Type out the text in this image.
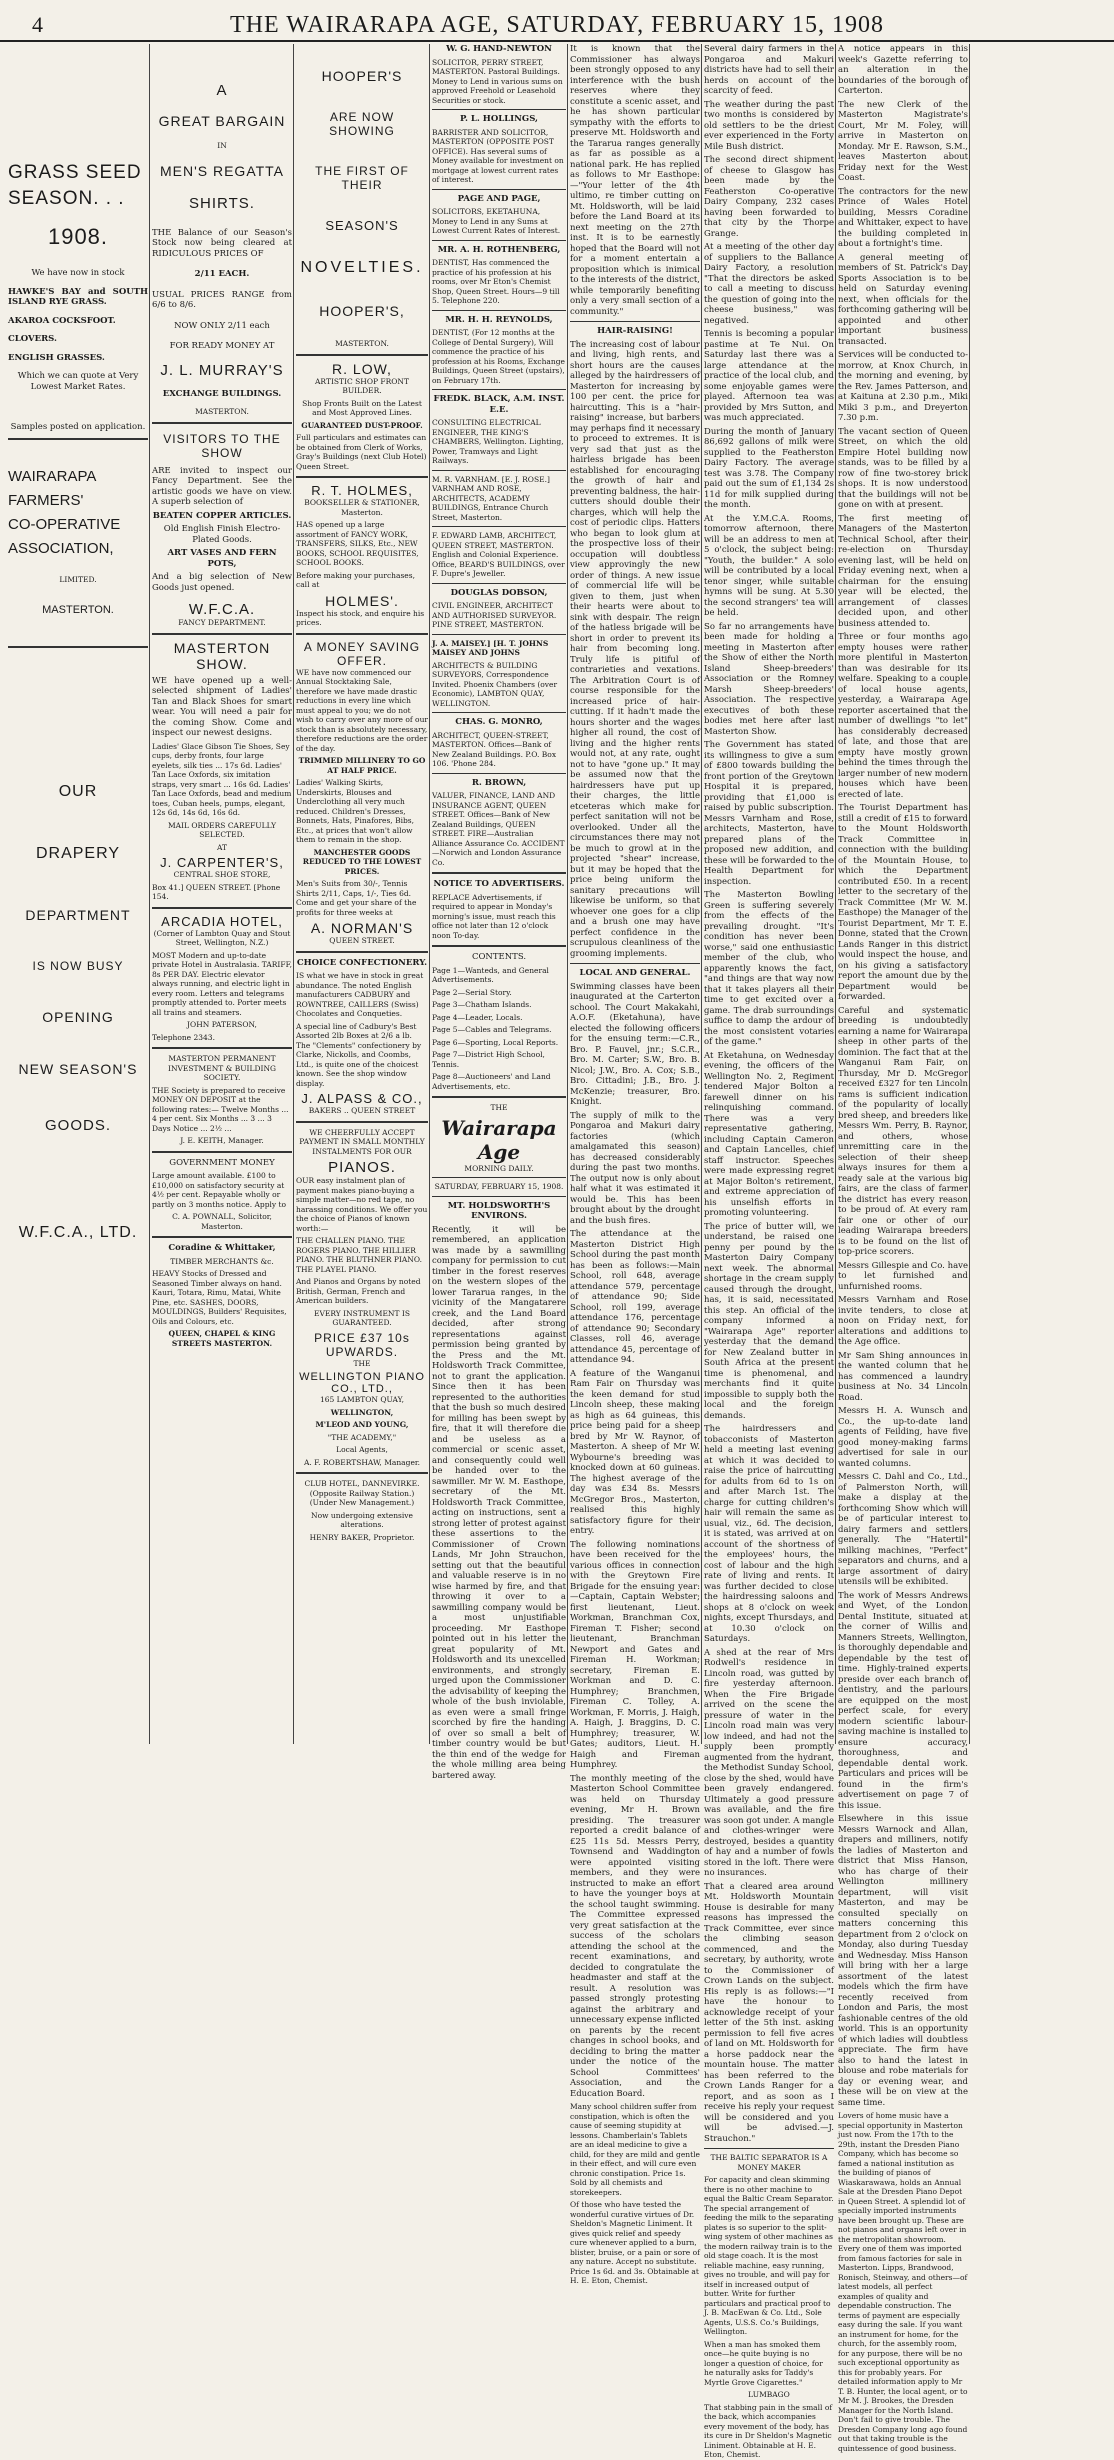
4	THE WAIRARAPA AGE, SATURDAY, FEBRUARY 15, 1908
GRASS SEED
SEASON. . .
1908.

We have now in stock

HAWKE'S BAY and SOUTH ISLAND RYE GRASS.

AKAROA COCKSFOOT.

CLOVERS.

ENGLISH GRASSES.

Which we can quote at Very Lowest Market Rates.

Samples posted on application.

WAIRARAPA
FARMERS'
CO-OPERATIVE
ASSOCIATION,

LIMITED.

MASTERTON.

OUR
DRAPERY
DEPARTMENT
IS NOW BUSY
OPENING
NEW SEASON'S
GOODS.
W.F.C.A., LTD.
A
GREAT BARGAIN
IN
MEN'S REGATTA
SHIRTS.

THE Balance of our Season's Stock now being cleared at RIDICULOUS PRICES OF

2/11 EACH.

USUAL PRICES RANGE from 6/6 to 8/6.

NOW ONLY 2/11 each

FOR READY MONEY AT

J. L. MURRAY'S

EXCHANGE BUILDINGS.

MASTERTON.

VISITORS TO THE SHOW

ARE invited to inspect our Fancy Department. See the artistic goods we have on view. A superb selection of

BEATEN COPPER ARTICLES.

Old English Finish Electro-Plated Goods.

ART VASES AND FERN POTS,

And a big selection of New Goods just opened.

W.F.C.A.

FANCY DEPARTMENT.

MASTERTON SHOW.

WE have opened up a well-selected shipment of Ladies' Tan and Black Shoes for smart wear. You will need a pair for the coming Show. Come and inspect our newest designs.

Ladies' Glace Gibson Tie Shoes, Sey cups, derby fronts, four large eyelets, silk ties ... 17s 6d. Ladies' Tan Lace Oxfords, six imitation straps, very smart ... 16s 6d. Ladies' Tan Lace Oxfords, bead and medium toes, Cuban heels, pumps, elegant, 12s 6d, 14s 6d, 16s 6d.

MAIL ORDERS CAREFULLY SELECTED.

AT

J. CARPENTER'S,

CENTRAL SHOE STORE,

Box 41.] QUEEN STREET. [Phone 154.

ARCADIA HOTEL,

(Corner of Lambton Quay and Stout Street, Wellington, N.Z.)

MOST Modern and up-to-date private Hotel in Australasia. TARIFF, 8s PER DAY. Electric elevator always running, and electric light in every room. Letters and telegrams promptly attended to. Porter meets all trains and steamers.

JOHN PATERSON,

Telephone 2343.

MASTERTON PERMANENT INVESTMENT & BUILDING SOCIETY.

THE Society is prepared to receive MONEY ON DEPOSIT at the following rates:— Twelve Months ... 4 per cent. Six Months ... 3 ... 3 Days Notice ... 2½ ...

J. E. KEITH, Manager.

GOVERNMENT MONEY

Large amount available. £100 to £10,000 on satisfactory security at 4½ per cent. Repayable wholly or partly on 3 months notice. Apply to

C. A. POWNALL, Solicitor, Masterton.

Coradine & Whittaker,

TIMBER MERCHANTS &c.

HEAVY Stocks of Dressed and Seasoned Timber always on hand. Kauri, Totara, Rimu, Matai, White Pine, etc. SASHES, DOORS, MOULDINGS, Builders' Requisites, Oils and Colours, etc.

QUEEN, CHAPEL & KING STREETS MASTERTON.

HOOPER'S
ARE NOW SHOWING
THE FIRST OF THEIR
SEASON'S
NOVELTIES.
HOOPER'S,

MASTERTON.

R. LOW,

ARTISTIC SHOP FRONT BUILDER.

Shop Fronts Built on the Latest and Most Approved Lines.

GUARANTEED DUST-PROOF.

Full particulars and estimates can be obtained from Clerk of Works, Gray's Buildings (next Club Hotel) Queen Street.

R. T. HOLMES,

BOOKSELLER & STATIONER, Masterton.

HAS opened up a large assortment of FANCY WORK, TRANSFERS, SILKS, Etc., NEW BOOKS, SCHOOL REQUISITES, SCHOOL BOOKS.

Before making your purchases, call at

HOLMES'.

Inspect his stock, and enquire his prices.

A MONEY SAVING OFFER.

WE have now commenced our Annual Stocktaking Sale, therefore we have made drastic reductions in every line which must appeal to you; we do not wish to carry over any more of our stock than is absolutely necessary, therefore reductions are the order of the day.

TRIMMED MILLINERY TO GO AT HALF PRICE.

Ladies' Walking Skirts, Underskirts, Blouses and Underclothing all very much reduced. Children's Dresses, Bonnets, Hats, Pinafores, Bibs, Etc., at prices that won't allow them to remain in the shop.

MANCHESTER GOODS REDUCED TO THE LOWEST PRICES.

Men's Suits from 30/-, Tennis Shirts 2/11, Caps, 1/-, Ties 6d. Come and get your share of the profits for three weeks at

A. NORMAN'S

QUEEN STREET.

CHOICE CONFECTIONERY.

IS what we have in stock in great abundance. The noted English manufacturers CADBURY and ROWNTREE, CAILLERS (Swiss) Chocolates and Conqueties.

A special line of Cadbury's Best Assorted 2lb Boxes at 2/6 a lb. The "Clements" confectionery by Clarke, Nickolls, and Coombs, Ltd., is quite one of the choicest known. See the shop window display.

J. ALPASS & CO.,

BAKERS .. QUEEN STREET

WE CHEERFULLY ACCEPT PAYMENT IN SMALL MONTHLY INSTALMENTS FOR OUR

PIANOS.

OUR easy instalment plan of payment makes piano-buying a simple matter—no red tape, no harassing conditions. We offer you the choice of Pianos of known worth:—

THE CHALLEN PIANO. THE ROGERS PIANO. THE HILLIER PIANO. THE BLUTHNER PIANO. THE PLAYEL PIANO.

And Pianos and Organs by noted British, German, French and American builders.

EVERY INSTRUMENT IS GUARANTEED.

PRICE £37 10s UPWARDS.

THE

WELLINGTON PIANO CO., LTD.,

165 LAMBTON QUAY,

WELLINGTON,

M'LEOD AND YOUNG,

"THE ACADEMY,"

Local Agents,

A. F. ROBERTSHAW, Manager.

CLUB HOTEL, DANNEVIRKE. (Opposite Railway Station.) (Under New Management.)

Now undergoing extensive alterations.

HENRY BAKER, Proprietor.

W. G. HAND-NEWTON

SOLICITOR, PERRY STREET, MASTERTON. Pastoral Buildings. Money to Lend in various sums on approved Freehold or Leasehold Securities or stock.

P. L. HOLLINGS,

BARRISTER AND SOLICITOR, MASTERTON (OPPOSITE POST OFFICE). Has several sums of Money available for investment on mortgage at lowest current rates of interest.

PAGE AND PAGE,

SOLICITORS, EKETAHUNA, Money to Lend in any Sums at Lowest Current Rates of Interest.

MR. A. H. ROTHENBERG,

DENTIST, Has commenced the practice of his profession at his rooms, over Mr Eton's Chemist Shop, Queen Street. Hours—9 till 5. Telephone 220.

MR. H. H. REYNOLDS,

DENTIST, (For 12 months at the College of Dental Surgery), Will commence the practice of his profession at his Rooms, Exchange Buildings, Queen Street (upstairs), on February 17th.

FREDK. BLACK, A.M. INST. E.E.

CONSULTING ELECTRICAL ENGINEER, THE KING'S CHAMBERS, Wellington. Lighting, Power, Tramways and Light Railways.

M. R. VARNHAM. [E. J. ROSE.] VARNHAM AND ROSE, ARCHITECTS, ACADEMY BUILDINGS, Entrance Church Street, Masterton.

F. EDWARD LAMB, ARCHITECT, QUEEN STREET, MASTERTON. English and Colonial Experience. Office, BEARD'S BUILDINGS, over F. Dupre's Jeweller.

DOUGLAS DOBSON,

CIVIL ENGINEER, ARCHITECT AND AUTHORISED SURVEYOR. PINE STREET, MASTERTON.

J. A. MAISEY.] [H. T. JOHNS MAISEY AND JOHNS

ARCHITECTS & BUILDING SURVEYORS, Correspondence Invited. Phoenix Chambers (over Economic), LAMBTON QUAY, WELLINGTON.

CHAS. G. MONRO,

ARCHITECT, QUEEN-STREET, MASTERTON. Offices—Bank of New Zealand Buildings. P.O. Box 106. 'Phone 284.

R. BROWN,

VALUER, FINANCE, LAND AND INSURANCE AGENT, QUEEN STREET. Offices—Bank of New Zealand Buildings, QUEEN STREET. FIRE—Australian Alliance Assurance Co. ACCIDENT—Norwich and London Assurance Co.

NOTICE TO ADVERTISERS.

REPLACE Advertisements, if required to appear in Monday's morning's issue, must reach this office not later than 12 o'clock noon To-day.

CONTENTS.

Page 1—Wanteds, and General Advertisements.

Page 2—Serial Story.

Page 3—Chatham Islands.

Page 4—Leader, Locals.

Page 5—Cables and Telegrams.

Page 6—Sporting, Local Reports.

Page 7—District High School, Tennis.

Page 8—Auctioneers' and Land Advertisements, etc.

THE

Wairarapa Age

MORNING DAILY.

SATURDAY, FEBRUARY 15, 1908.

MT. HOLDSWORTH'S ENVIRONS.

Recently, it will be remembered, an application was made by a sawmilling company for permission to cut timber in the forest reserves on the western slopes of the lower Tararua ranges, in the vicinity of the Mangatarere creek, and the Land Board decided, after strong representations against permission being granted by the Press and the Mt. Holdsworth Track Committee, not to grant the application. Since then it has been represented to the authorities that the bush so much desired for milling has been swept by fire, that it will therefore die and be useless as a commercial or scenic asset, and consequently could well be handed over to the sawmiller. Mr W. M. Easthope, secretary of the Mt. Holdsworth Track Committee, acting on instructions, sent a strong letter of protest against these assertions to the Commissioner of Crown Lands, Mr John Strauchon, setting out that the beautiful and valuable reserve is in no wise harmed by fire, and that throwing it over to a sawmilling company would be a most unjustifiable proceeding. Mr Easthope pointed out in his letter the great popularity of Mt. Holdsworth and its unexcelled environments, and strongly urged upon the Commissioner the advisability of keeping the whole of the bush inviolable, as even were a small fringe scorched by fire the handing of over so small a belt of timber country would be but the thin end of the wedge for the whole milling area being bartered away.

It is known that the Commissioner has always been strongly opposed to any interference with the bush reserves where they constitute a scenic asset, and he has shown particular sympathy with the efforts to preserve Mt. Holdsworth and the Tararua ranges generally as far as possible as a national park. He has replied as follows to Mr Easthope:—"Your letter of the 4th ultimo, re timber cutting on Mt. Holdsworth, will be laid before the Land Board at its next meeting on the 27th inst. It is to be earnestly hoped that the Board will not for a moment entertain a proposition which is inimical to the interests of the district, while temporarily benefiting only a very small section of a community."

HAIR-RAISING!

The increasing cost of labour and living, high rents, and short hours are the causes alleged by the hairdressers of Masterton for increasing by 100 per cent. the price for haircutting. This is a "hair-raising" increase, but barbers may perhaps find it necessary to proceed to extremes. It is very sad that just as the hairless brigade has been established for encouraging the growth of hair and preventing baldness, the hair-cutters should double their charges, which will help the cost of periodic clips. Hatters who began to look glum at the prospective loss of their occupation will doubtless view approvingly the new order of things. A new issue of commercial life will be given to them, just when their hearts were about to sink with despair. The reign of the hatless brigade will be short in order to prevent its hair from becoming long. Truly life is pitiful of contrarieties and vexations. The Arbitration Court is of course responsible for the increased price of hair-cutting. If it hadn't made the hours shorter and the wages higher all round, the cost of living and the higher rents would not, at any rate, ought not to have "gone up." It may be assumed now that the hairdressers have put up their charges, the little etceteras which make for perfect sanitation will not be overlooked. Under all the circumstances there may not be much to growl at in the projected "shear" increase, but it may be hoped that the price being uniform the sanitary precautions will likewise be uniform, so that whoever one goes for a clip and a brush one may have perfect confidence in the scrupulous cleanliness of the grooming implements.

LOCAL AND GENERAL.

Swimming classes have been inaugurated at the Carterton school. The Court Makakahi, A.O.F. (Eketahuna), have elected the following officers for the ensuing term:—C.R., Bro. P. Fauvel, jnr.; S.C.R., Bro. M. Carter; S.W., Bro. B. Nicol; J.W., Bro. A. Cox; S.B., Bro. Cittadini; J.B., Bro. J. McKenzie; treasurer, Bro. Knight.

The supply of milk to the Pongaroa and Makuri dairy factories (which amalgamated this season) has decreased considerably during the past two months. The output now is only about half what it was estimated it would be. This has been brought about by the drought and the bush fires.

The attendance at the Masterton District High School during the past month has been as follows:—Main School, roll 648, average attendance 579, percentage of attendance 90; Side School, roll 199, average attendance 176, percentage of attendance 90; Secondary Classes, roll 46, average attendance 45, percentage of attendance 94.

A feature of the Wanganui Ram Fair on Thursday was the keen demand for stud Lincoln sheep, these making as high as 64 guineas, this price being paid for a sheep bred by Mr W. Raynor, of Masterton. A sheep of Mr W. Wybourne's breeding was knocked down at 60 guineas. The highest average of the day was £34 8s. Messrs McGregor Bros., Masterton, realised this highly satisfactory figure for their entry.

The following nominations have been received for the various offices in connection with the Greytown Fire Brigade for the ensuing year:—Captain, Captain Webster; first lieutenant, Lieut. Workman, Branchman Cox, Fireman T. Fisher; second lieutenant, Branchman Newport and Gates and Fireman H. Workman; secretary, Fireman E. Workman and D. C. Humphrey; Branchmen, Fireman C. Tolley, A. Workman, F. Morris, J. Haigh, A. Haigh, J. Braggins, D. C. Humphrey; treasurer, W. Gates; auditors, Lieut. H. Haigh and Fireman Humphrey.

The monthly meeting of the Masterton School Committee was held on Thursday evening, Mr H. Brown presiding. The treasurer reported a credit balance of £25 11s 5d. Messrs Perry, Townsend and Waddington were appointed visiting members, and they were instructed to make an effort to have the younger boys at the school taught swimming. The Committee expressed very great satisfaction at the success of the scholars attending the school at the recent examinations, and decided to congratulate the headmaster and staff at the result. A resolution was passed strongly protesting against the arbitrary and unnecessary expense inflicted on parents by the recent changes in school books, and deciding to bring the matter under the notice of the School Committees' Association, and the Education Board.

Many school children suffer from constipation, which is often the cause of seeming stupidity at lessons. Chamberlain's Tablets are an ideal medicine to give a child, for they are mild and gentle in their effect, and will cure even chronic constipation. Price 1s. Sold by all chemists and storekeepers.

Of those who have tested the wonderful curative virtues of Dr. Sheldon's Magnetic Liniment. It gives quick relief and speedy cure whenever applied to a burn, blister, bruise, or a pain or sore of any nature. Accept no substitute. Price 1s 6d. and 3s. Obtainable at H. E. Eton, Chemist.

Several dairy farmers in the Pongaroa and Makuri districts have had to sell their herds on account of the scarcity of feed.

The weather during the past two months is considered by old settlers to be the driest ever experienced in the Forty Mile Bush district.

The second direct shipment of cheese to Glasgow has been made by the Featherston Co-operative Dairy Company, 232 cases having been forwarded to that city by the Thorpe Grange.

At a meeting of the other day of suppliers to the Ballance Dairy Factory, a resolution "That the directors be asked to call a meeting to discuss the question of going into the cheese business," was negatived.

Tennis is becoming a popular pastime at Te Nui. On Saturday last there was a large attendance at the practice of the local club, and some enjoyable games were played. Afternoon tea was provided by Mrs Sutton, and was much appreciated.

During the month of January 86,692 gallons of milk were supplied to the Featherston Dairy Factory. The average test was 3.78. The Company paid out the sum of £1,134 2s 11d for milk supplied during the month.

At the Y.M.C.A. Rooms, tomorrow afternoon, there will be an address to men at 5 o'clock, the subject being: "Youth, the builder." A solo will be contributed by a local tenor singer, while suitable hymns will be sung. At 5.30 the second strangers' tea will be held.

So far no arrangements have been made for holding a meeting in Masterton after the Show of either the North Island Sheep-breeders' Association or the Romney Marsh Sheep-breeders' Association. The respective executives of both these bodies met here after last Masterton Show.

The Government has stated its willingness to give a sum of £800 towards building the front portion of the Greytown Hospital it is prepared, providing that £1,000 is raised by public subscription. Messrs Varnham and Rose, architects, Masterton, have prepared plans of the proposed new addition, and these will be forwarded to the Health Department for inspection.

The Masterton Bowling Green is suffering severely from the effects of the prevailing drought. "It's condition has never been worse," said one enthusiastic member of the club, who apparently knows the fact, "and things are that way now that it takes players all their time to get excited over a game. The drab surroundings suffice to damp the ardour of the most consistent votaries of the game."

At Eketahuna, on Wednesday evening, the officers of the Wellington No. 2, Regiment tendered Major Bolton a farewell dinner on his relinquishing command. There was a very representative gathering, including Captain Cameron and Captain Lancelles, chief staff instructor. Speeches were made expressing regret at Major Bolton's retirement, and extreme appreciation of his unselfish efforts in promoting volunteering.

The price of butter will, we understand, be raised one penny per pound by the Masterton Dairy Company next week. The abnormal shortage in the cream supply caused through the drought, has, it is said, necessitated this step. An official of the company informed a "Wairarapa Age" reporter yesterday that the demand for New Zealand butter in South Africa at the present time is phenomenal, and merchants find it quite impossible to supply both the local and the foreign demands.

The hairdressers and tobacconists of Masterton held a meeting last evening at which it was decided to raise the price of haircutting for adults from 6d to 1s on and after March 1st. The charge for cutting children's hair will remain the same as usual, viz., 6d. The decision, it is stated, was arrived at on account of the shortness of the employees' hours, the cost of labour and the high rate of living and rents. It was further decided to close the hairdressing saloons and shops at 8 o'clock on week nights, except Thursdays, and at 10.30 o'clock on Saturdays.

A shed at the rear of Mrs Rodwell's residence in Lincoln road, was gutted by fire yesterday afternoon. When the Fire Brigade arrived on the scene the pressure of water in the Lincoln road main was very low indeed, and had not the supply been promptly augmented from the hydrant, the Methodist Sunday School, close by the shed, would have been gravely endangered. Ultimately a good pressure was available, and the fire was soon got under. A mangle and clothes-wringer were destroyed, besides a quantity of hay and a number of fowls stored in the loft. There were no insurances.

That a cleared area around Mt. Holdsworth Mountain House is desirable for many reasons has impressed the Track Committee, ever since the climbing season commenced, and the secretary, by authority, wrote to the Commissioner of Crown Lands on the subject. His reply is as follows:—"I have the honour to acknowledge receipt of your letter of the 5th inst. asking permission to fell five acres of land on Mt. Holdsworth for a horse paddock near the mountain house. The matter has been referred to the Crown Lands Ranger for a report, and as soon as I receive his reply your request will be considered and you will be advised.—J. Strauchon."

THE BALTIC SEPARATOR IS A MONEY MAKER

For capacity and clean skimming there is no other machine to equal the Baltic Cream Separator. The special arrangement of feeding the milk to the separating plates is so superior to the split-wing system of other machines as the modern railway train is to the old stage coach. It is the most reliable machine, easy running, gives no trouble, and will pay for itself in increased output of butter. Write for further particulars and practical proof to J. B. MacEwan & Co. Ltd., Sole Agents, U.S.S. Co.'s Buildings, Wellington.

When a man has smoked them once—he quite buying is no longer a question of choice, for he naturally asks for Taddy's Myrtle Grove Cigarettes."

LUMBAGO

That stabbing pain in the small of the back, which accompanies every movement of the body, has its cure in Dr Sheldon's Magnetic Liniment. Obtainable at H. E. Eton, Chemist.

A notice appears in this week's Gazette referring to an alteration in the boundaries of the borough of Carterton.

The new Clerk of the Masterton Magistrate's Court, Mr M. Foley, will arrive in Masterton on Monday. Mr E. Rawson, S.M., leaves Masterton about Friday next for the West Coast.

The contractors for the new Prince of Wales Hotel building, Messrs Coradine and Whittaker, expect to have the building completed in about a fortnight's time.

A general meeting of members of St. Patrick's Day Sports Association is to be held on Saturday evening next, when officials for the forthcoming gathering will be appointed and other important business transacted.

Services will be conducted to-morrow, at Knox Church, in the morning and evening, by the Rev. James Patterson, and at Kaituna at 2.30 p.m., Miki Miki 3 p.m., and Dreyerton 7.30 p.m.

The vacant section of Queen Street, on which the old Empire Hotel building now stands, was to be filled by a row of fine two-storey brick shops. It is now understood that the buildings will not be gone on with at present.

The first meeting of Managers of the Masterton Technical School, after their re-election on Thursday evening last, will be held on Friday evening next, when a chairman for the ensuing year will be elected, the arrangement of classes decided upon, and other business attended to.

Three or four months ago empty houses were rather more plentiful in Masterton than was desirable for its welfare. Speaking to a couple of local house agents, yesterday, a Wairarapa Age reporter ascertained that the number of dwellings "to let" has considerably decreased of late, and those that are empty have mostly grown behind the times through the larger number of new modern houses which have been erected of late.

The Tourist Department has still a credit of £15 to forward to the Mount Holdsworth Track Committee in connection with the building of the Mountain House, to which the Department contributed £50. In a recent letter to the secretary of the Track Committee (Mr W. M. Easthope) the Manager of the Tourist Department, Mr T. E. Donne, stated that the Crown Lands Ranger in this district would inspect the house, and on his giving a satisfactory report the amount due by the Department would be forwarded.

Careful and systematic breeding is undoubtedly earning a name for Wairarapa sheep in other parts of the dominion. The fact that at the Wanganui Ram Fair, on Thursday, Mr D. McGregor received £327 for ten Lincoln rams is sufficient indication of the popularity of locally bred sheep, and breeders like Messrs Wm. Perry, B. Raynor, and others, whose unremitting care in the selection of their sheep always insures for them a ready sale at the various big fairs, are the class of farmer the district has every reason to be proud of. At every ram fair one or other of our leading Wairarapa breeders is to be found on the list of top-price scorers.

Messrs Gillespie and Co. have to let furnished and unfurnished rooms.

Messrs Varnham and Rose invite tenders, to close at noon on Friday next, for alterations and additions to the Age office.

Mr Sam Shing announces in the wanted column that he has commenced a laundry business at No. 34 Lincoln Road.

Messrs H. A. Wunsch and Co., the up-to-date land agents of Feilding, have five good money-making farms advertised for sale in our wanted columns.

Messrs C. Dahl and Co., Ltd., of Palmerston North, will make a display at the forthcoming Show which will be of particular interest to dairy farmers and settlers generally. The "Hatertil" milking machines, "Perfect" separators and churns, and a large assortment of dairy utensils will be exhibited.

The work of Messrs Andrews and Wyet, of the London Dental Institute, situated at the corner of Willis and Manners Streets, Wellington, is thoroughly dependable and dependable by the test of time. Highly-trained experts preside over each branch of dentistry, and the parlours are equipped on the most perfect scale, for every modern scientific labour-saving machine is installed to ensure accuracy, thoroughness, and dependable dental work. Particulars and prices will be found in the firm's advertisement on page 7 of this issue.

Elsewhere in this issue Messrs Warnock and Allan, drapers and milliners, notify the ladies of Masterton and district that Miss Hanson, who has charge of their Wellington millinery department, will visit Masterton, and may be consulted specially on matters concerning this department from 2 o'clock on Monday, also during Tuesday and Wednesday. Miss Hanson will bring with her a large assortment of the latest models which the firm have recently received from London and Paris, the most fashionable centres of the old world. This is an opportunity of which ladies will doubtless appreciate. The firm have also to hand the latest in blouse and robe materials for day or evening wear, and these will be on view at the same time.

Lovers of home music have a special opportunity in Masterton just now. From the 17th to the 29th, instant the Dresden Piano Company, which has become so famed a national institution as the building of pianos of Wiaskarawawa, holds an Annual Sale at the Dresden Piano Depot in Queen Street. A splendid lot of specially imported instruments have been brought up. These are not pianos and organs left over in the metropolitan showroom. Every one of them was imported from famous factories for sale in Masterton. Lipps, Brandwood, Ronisch, Steinway, and others—of latest models, all perfect examples of quality and dependable construction. The terms of payment are especially easy during the sale. If you want an instrument for home, for the church, for the assembly room, for any purpose, there will be no such exceptional opportunity as this for probably years. For detailed information apply to Mr T. B. Hunter, the local agent, or to Mr M. J. Brookes, the Dresden Manager for the North Island. Don't fail to give trouble. The Dresden Company long ago found out that taking trouble is the quintessence of good business.
